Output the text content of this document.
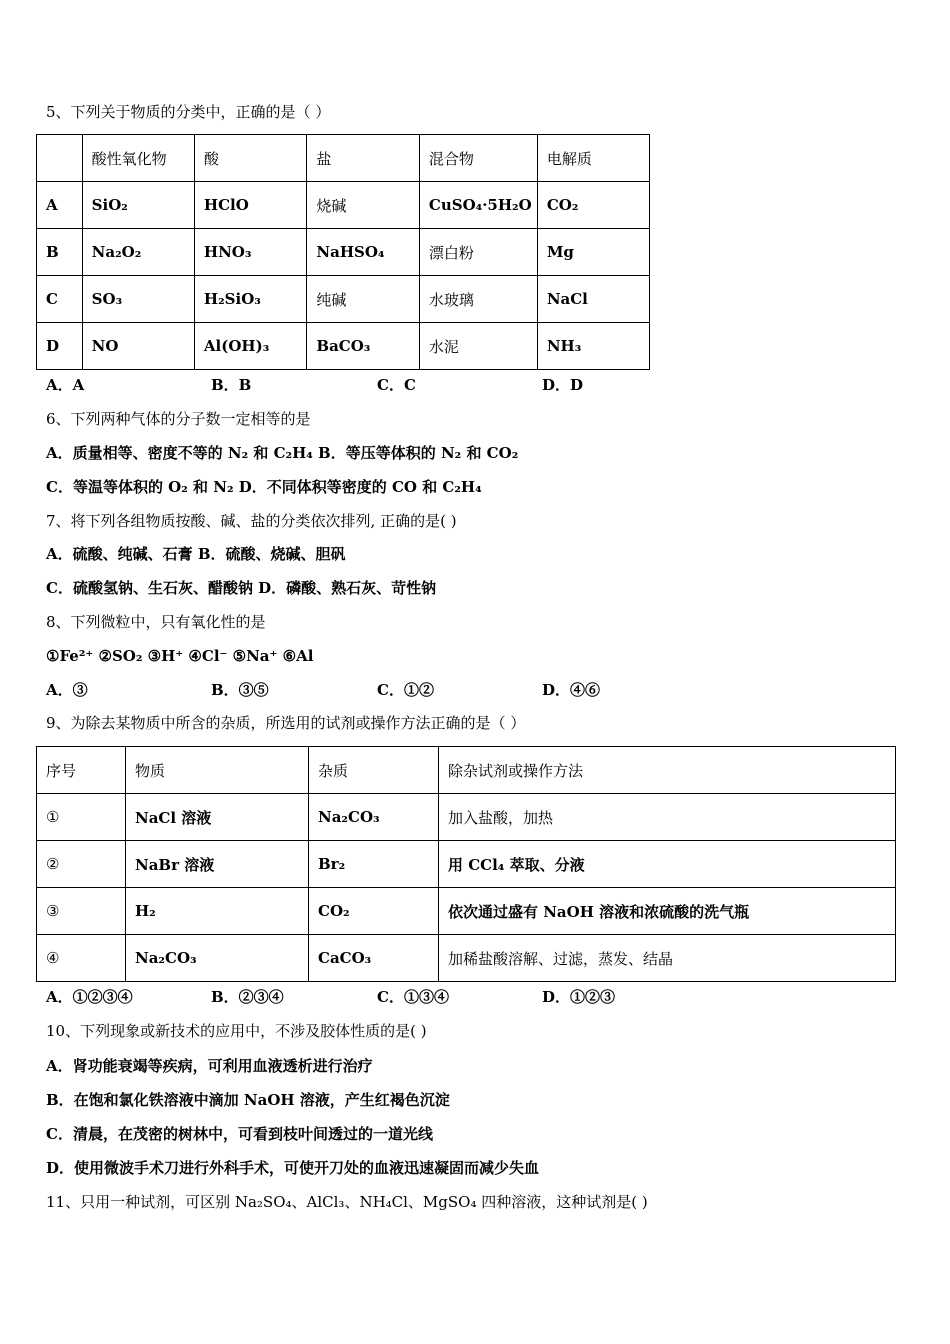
5、下列关于物质的分类中，正确的是（ ）
	酸性氧化物	酸	盐	混合物	电解质
A	SiO₂	HClO	烧碱	CuSO₄·5H₂O	CO₂
B	Na₂O₂	HNO₃	NaHSO₄	漂白粉	Mg
C	SO₃	H₂SiO₃	纯碱	水玻璃	NaCl
D	NO	Al(OH)₃	BaCO₃	水泥	NH₃
A．A	B．B	C．C	D．D
6、下列两种气体的分子数一定相等的是
A．质量相等、密度不等的 N₂ 和 C₂H₄ B．等压等体积的 N₂ 和 CO₂
C．等温等体积的 O₂ 和 N₂ D．不同体积等密度的 CO 和 C₂H₄
7、将下列各组物质按酸、碱、盐的分类依次排列, 正确的是( )
A．硫酸、纯碱、石膏 B．硫酸、烧碱、胆矾
C．硫酸氢钠、生石灰、醋酸钠 D．磷酸、熟石灰、苛性钠
8、下列微粒中，只有氧化性的是
①Fe²⁺ ②SO₂ ③H⁺ ④Cl⁻ ⑤Na⁺ ⑥Al
A．③	B．③⑤	C．①②	D．④⑥
9、为除去某物质中所含的杂质，所选用的试剂或操作方法正确的是（ ）
序号	物质	杂质	除杂试剂或操作方法
①	NaCl 溶液	Na₂CO₃	加入盐酸，加热
②	NaBr 溶液	Br₂	用 CCl₄ 萃取、分液
③	H₂	CO₂	依次通过盛有 NaOH 溶液和浓硫酸的洗气瓶
④	Na₂CO₃	CaCO₃	加稀盐酸溶解、过滤，蒸发、结晶
A．①②③④	B．②③④	C．①③④	D．①②③
10、下列现象或新技术的应用中，不涉及胶体性质的是( )
A．肾功能衰竭等疾病，可利用血液透析进行治疗
B．在饱和氯化铁溶液中滴加 NaOH 溶液，产生红褐色沉淀
C．清晨，在茂密的树林中，可看到枝叶间透过的一道光线
D．使用微波手术刀进行外科手术，可使开刀处的血液迅速凝固而减少失血
11、只用一种试剂，可区别 Na₂SO₄、AlCl₃、NH₄Cl、MgSO₄ 四种溶液，这种试剂是( )
